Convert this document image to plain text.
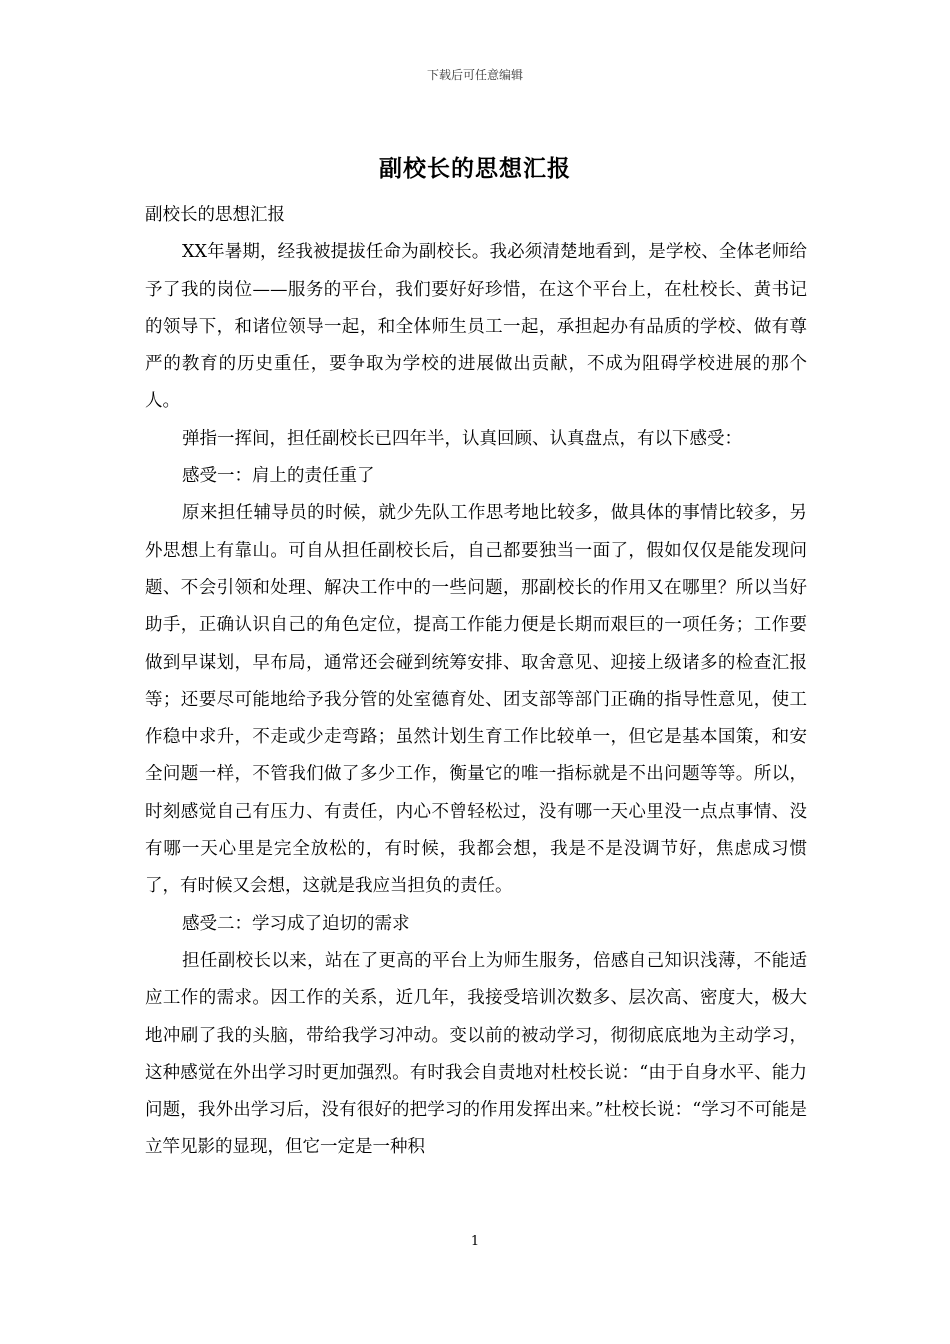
下载后可任意编辑
副校长的思想汇报

副校长的思想汇报

XX年暑期，经我被提拔任命为副校长。我必须清楚地看到，是学校、全体老师给予了我的岗位——服务的平台，我们要好好珍惜，在这个平台上，在杜校长、黄书记的领导下，和诸位领导一起，和全体师生员工一起，承担起办有品质的学校、做有尊严的教育的历史重任，要争取为学校的进展做出贡献，不成为阻碍学校进展的那个人。

弹指一挥间，担任副校长已四年半，认真回顾、认真盘点，有以下感受：

感受一：肩上的责任重了

原来担任辅导员的时候，就少先队工作思考地比较多，做具体的事情比较多，另外思想上有靠山。可自从担任副校长后，自己都要独当一面了，假如仅仅是能发现问题、不会引领和处理、解决工作中的一些问题，那副校长的作用又在哪里？所以当好助手，正确认识自己的角色定位，提高工作能力便是长期而艰巨的一项任务；工作要做到早谋划，早布局，通常还会碰到统筹安排、取舍意见、迎接上级诸多的检查汇报等；还要尽可能地给予我分管的处室德育处、团支部等部门正确的指导性意见，使工作稳中求升，不走或少走弯路；虽然计划生育工作比较单一，但它是基本国策，和安全问题一样，不管我们做了多少工作，衡量它的唯一指标就是不出问题等等。所以，时刻感觉自己有压力、有责任，内心不曾轻松过，没有哪一天心里没一点点事情、没有哪一天心里是完全放松的，有时候，我都会想，我是不是没调节好，焦虑成习惯了，有时候又会想，这就是我应当担负的责任。

感受二：学习成了迫切的需求

担任副校长以来，站在了更高的平台上为师生服务，倍感自己知识浅薄，不能适应工作的需求。因工作的关系，近几年，我接受培训次数多、层次高、密度大，极大地冲刷了我的头脑，带给我学习冲动。变以前的被动学习，彻彻底底地为主动学习，这种感觉在外出学习时更加强烈。有时我会自责地对杜校长说：“由于自身水平、能力问题，我外出学习后，没有很好的把学习的作用发挥出来。”杜校长说：“学习不可能是立竿见影的显现，但它一定是一种积

1
